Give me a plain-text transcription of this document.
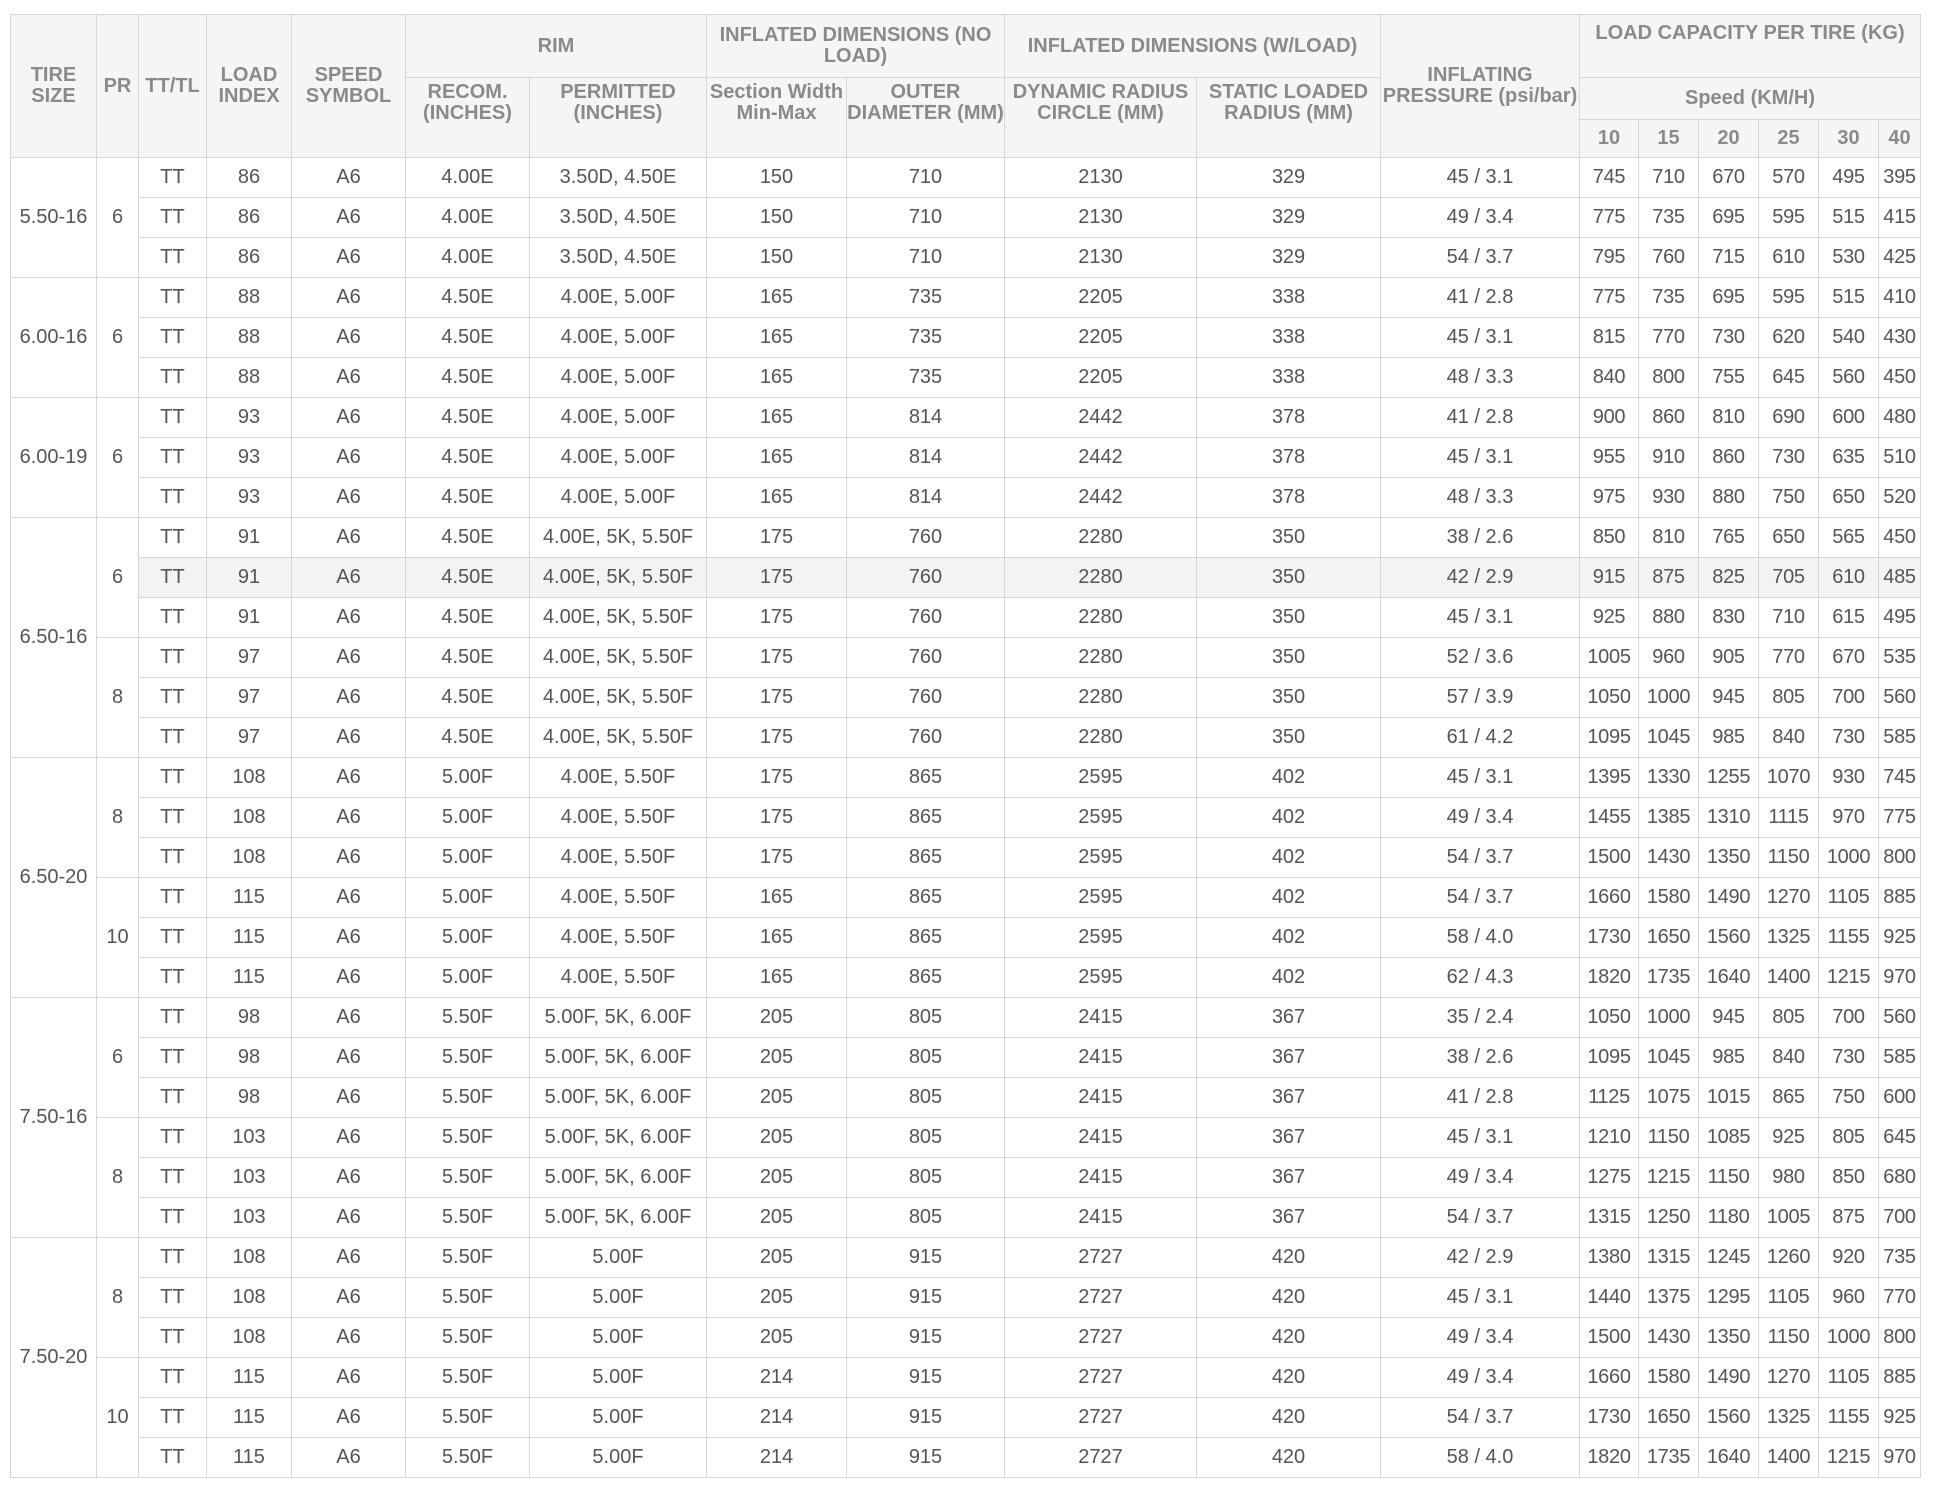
TIRE SIZE	PR	TT/TL	LOAD INDEX	SPEED SYMBOL	RIM		INFLATED DIMENSIONS (NO LOAD)		INFLATED DIMENSIONS (W/LOAD)		INFLATING PRESSURE (psi/bar)	LOAD CAPACITY PER TIRE (KG)					
					RECOM. (INCHES)	PERMITTED (INCHES)	Section Width Min-Max	OUTER DIAMETER (MM)	DYNAMIC RADIUS CIRCLE (MM)	STATIC LOADED RADIUS (MM)		Speed (KM/H)					
												10	15	20	25	30	40
5.50-16	6	TT	86	A6	4.00E	3.50D, 4.50E	150	710	2130	329	45 / 3.1	745	710	670	570	495	395
		TT	86	A6	4.00E	3.50D, 4.50E	150	710	2130	329	49 / 3.4	775	735	695	595	515	415
		TT	86	A6	4.00E	3.50D, 4.50E	150	710	2130	329	54 / 3.7	795	760	715	610	530	425
6.00-16	6	TT	88	A6	4.50E	4.00E, 5.00F	165	735	2205	338	41 / 2.8	775	735	695	595	515	410
		TT	88	A6	4.50E	4.00E, 5.00F	165	735	2205	338	45 / 3.1	815	770	730	620	540	430
		TT	88	A6	4.50E	4.00E, 5.00F	165	735	2205	338	48 / 3.3	840	800	755	645	560	450
6.00-19	6	TT	93	A6	4.50E	4.00E, 5.00F	165	814	2442	378	41 / 2.8	900	860	810	690	600	480
		TT	93	A6	4.50E	4.00E, 5.00F	165	814	2442	378	45 / 3.1	955	910	860	730	635	510
		TT	93	A6	4.50E	4.00E, 5.00F	165	814	2442	378	48 / 3.3	975	930	880	750	650	520
6.50-16	6	TT	91	A6	4.50E	4.00E, 5K, 5.50F	175	760	2280	350	38 / 2.6	850	810	765	650	565	450
		TT	91	A6	4.50E	4.00E, 5K, 5.50F	175	760	2280	350	42 / 2.9	915	875	825	705	610	485
		TT	91	A6	4.50E	4.00E, 5K, 5.50F	175	760	2280	350	45 / 3.1	925	880	830	710	615	495
	8	TT	97	A6	4.50E	4.00E, 5K, 5.50F	175	760	2280	350	52 / 3.6	1005	960	905	770	670	535
		TT	97	A6	4.50E	4.00E, 5K, 5.50F	175	760	2280	350	57 / 3.9	1050	1000	945	805	700	560
		TT	97	A6	4.50E	4.00E, 5K, 5.50F	175	760	2280	350	61 / 4.2	1095	1045	985	840	730	585
6.50-20	8	TT	108	A6	5.00F	4.00E, 5.50F	175	865	2595	402	45 / 3.1	1395	1330	1255	1070	930	745
		TT	108	A6	5.00F	4.00E, 5.50F	175	865	2595	402	49 / 3.4	1455	1385	1310	1115	970	775
		TT	108	A6	5.00F	4.00E, 5.50F	175	865	2595	402	54 / 3.7	1500	1430	1350	1150	1000	800
	10	TT	115	A6	5.00F	4.00E, 5.50F	165	865	2595	402	54 / 3.7	1660	1580	1490	1270	1105	885
		TT	115	A6	5.00F	4.00E, 5.50F	165	865	2595	402	58 / 4.0	1730	1650	1560	1325	1155	925
		TT	115	A6	5.00F	4.00E, 5.50F	165	865	2595	402	62 / 4.3	1820	1735	1640	1400	1215	970
7.50-16	6	TT	98	A6	5.50F	5.00F, 5K, 6.00F	205	805	2415	367	35 / 2.4	1050	1000	945	805	700	560
		TT	98	A6	5.50F	5.00F, 5K, 6.00F	205	805	2415	367	38 / 2.6	1095	1045	985	840	730	585
		TT	98	A6	5.50F	5.00F, 5K, 6.00F	205	805	2415	367	41 / 2.8	1125	1075	1015	865	750	600
	8	TT	103	A6	5.50F	5.00F, 5K, 6.00F	205	805	2415	367	45 / 3.1	1210	1150	1085	925	805	645
		TT	103	A6	5.50F	5.00F, 5K, 6.00F	205	805	2415	367	49 / 3.4	1275	1215	1150	980	850	680
		TT	103	A6	5.50F	5.00F, 5K, 6.00F	205	805	2415	367	54 / 3.7	1315	1250	1180	1005	875	700
7.50-20	8	TT	108	A6	5.50F	5.00F	205	915	2727	420	42 / 2.9	1380	1315	1245	1260	920	735
		TT	108	A6	5.50F	5.00F	205	915	2727	420	45 / 3.1	1440	1375	1295	1105	960	770
		TT	108	A6	5.50F	5.00F	205	915	2727	420	49 / 3.4	1500	1430	1350	1150	1000	800
	10	TT	115	A6	5.50F	5.00F	214	915	2727	420	49 / 3.4	1660	1580	1490	1270	1105	885
		TT	115	A6	5.50F	5.00F	214	915	2727	420	54 / 3.7	1730	1650	1560	1325	1155	925
		TT	115	A6	5.50F	5.00F	214	915	2727	420	58 / 4.0	1820	1735	1640	1400	1215	970
